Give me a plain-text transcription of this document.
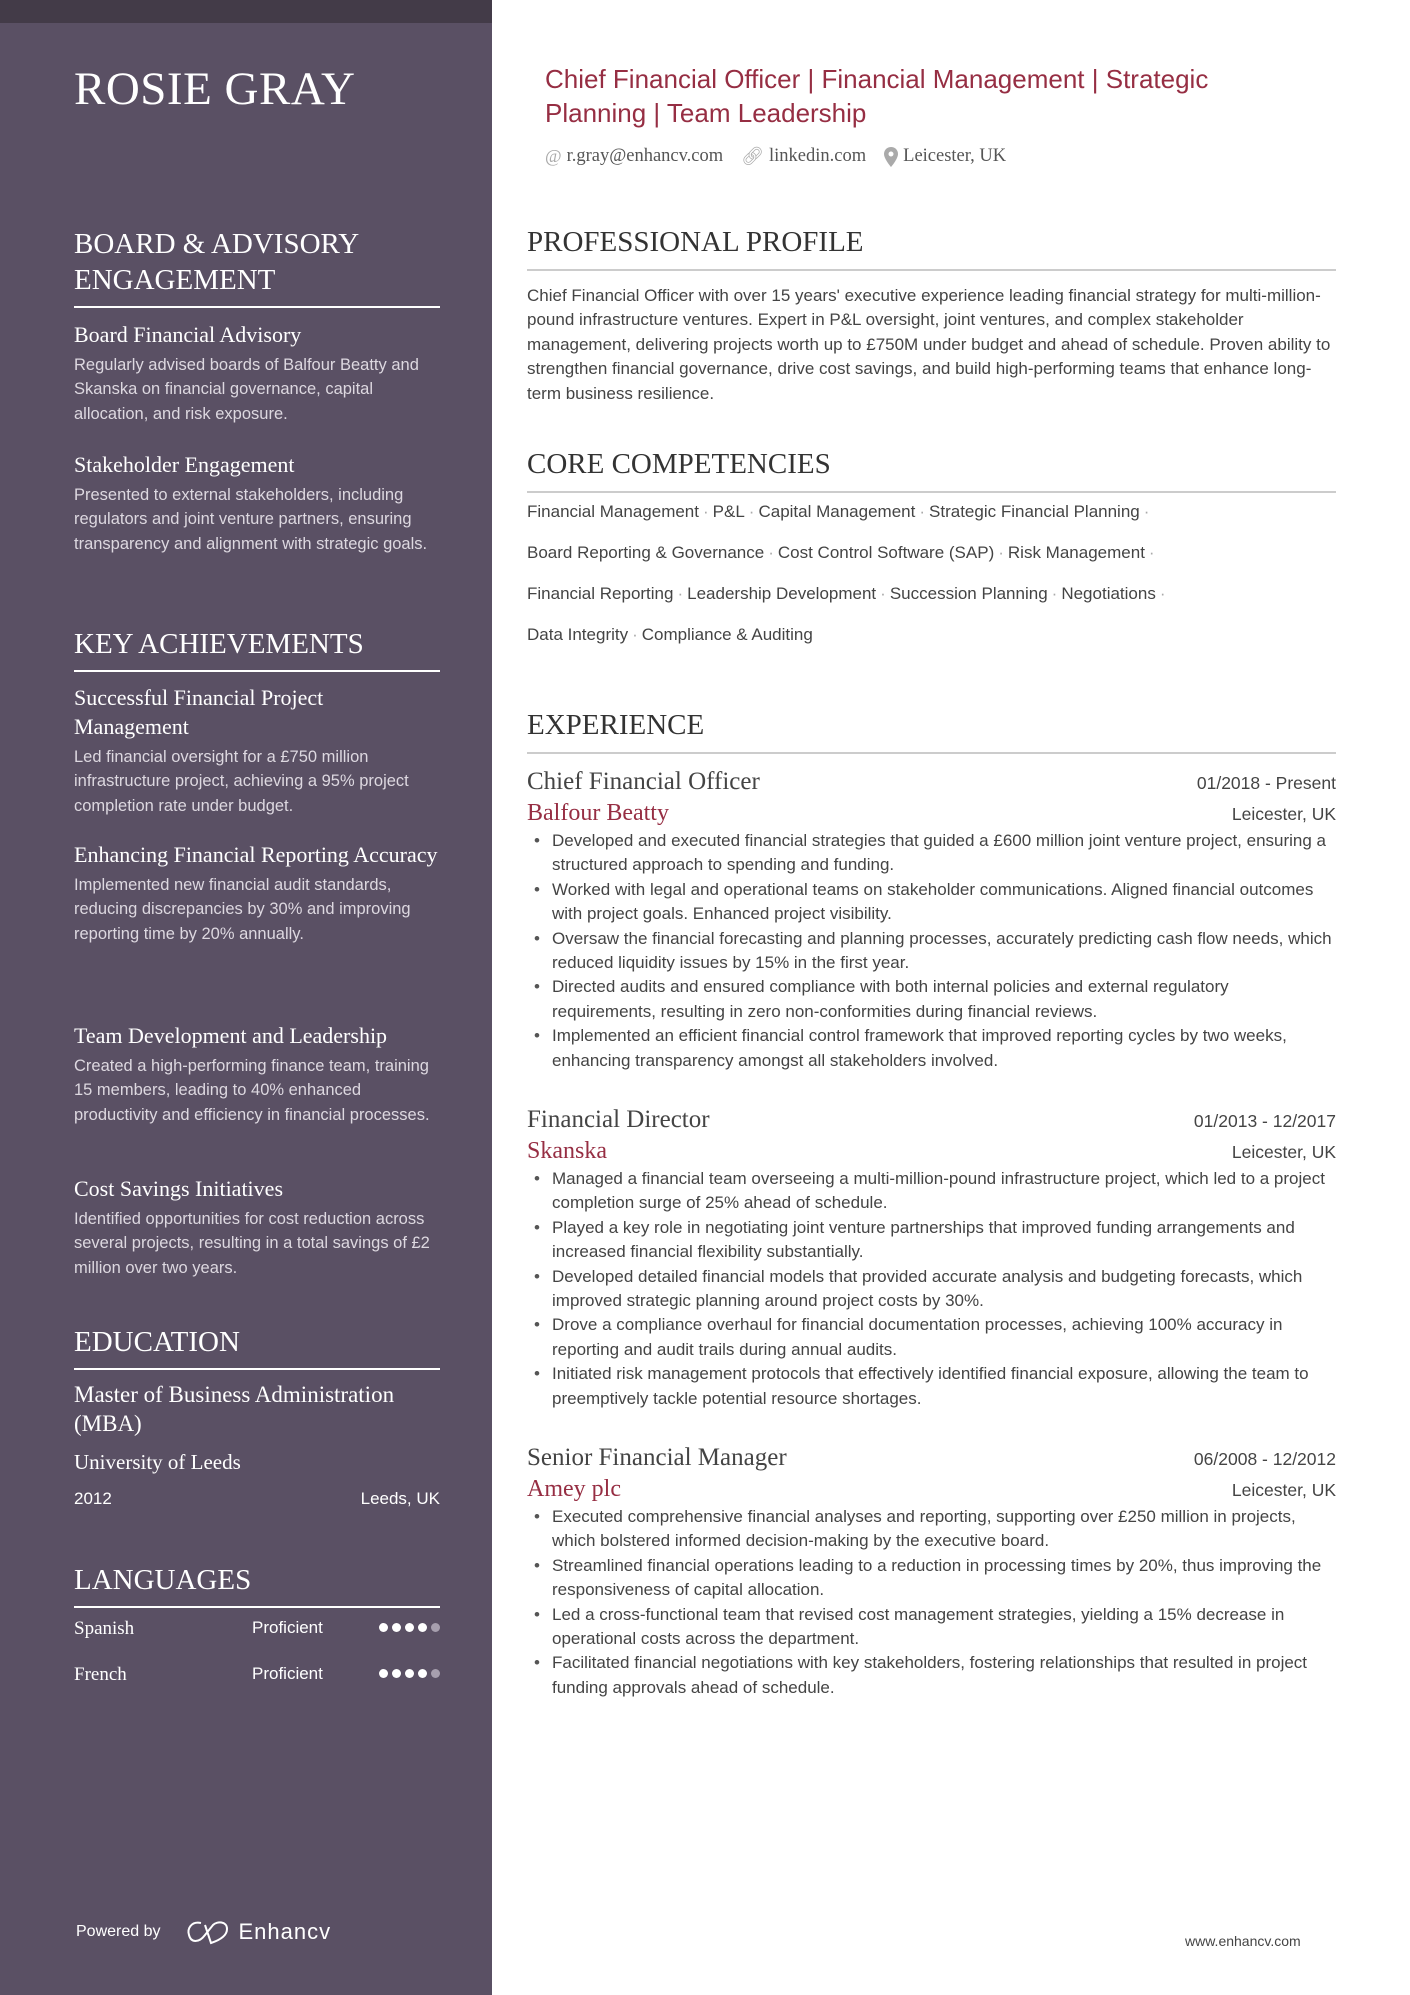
ROSIE GRAY
BOARD & ADVISORY ENGAGEMENT
Board Financial Advisory
Regularly advised boards of Balfour Beatty and Skanska on financial governance, capital allocation, and risk exposure.
Stakeholder Engagement
Presented to external stakeholders, including regulators and joint venture partners, ensuring transparency and alignment with strategic goals.
KEY ACHIEVEMENTS
Successful Financial Project Management
Led financial oversight for a £750 million infrastructure project, achieving a 95% project completion rate under budget.
Enhancing Financial Reporting Accuracy
Implemented new financial audit standards, reducing discrepancies by 30% and improving reporting time by 20% annually.
Team Development and Leadership
Created a high-performing finance team, training 15 members, leading to 40% enhanced productivity and efficiency in financial processes.
Cost Savings Initiatives
Identified opportunities for cost reduction across several projects, resulting in a total savings of £2 million over two years.
EDUCATION
Master of Business Administration (MBA)
University of Leeds
2012	Leeds, UK
LANGUAGES
Spanish	Proficient
French	Proficient
Powered by	Enhancv
Chief Financial Officer | Financial Management | Strategic Planning | Team Leadership
@ r.gray@enhancv.com 🔗︎ linkedin.com Leicester, UK
PROFESSIONAL PROFILE
Chief Financial Officer with over 15 years' executive experience leading financial strategy for multi-million-pound infrastructure ventures. Expert in P&L oversight, joint ventures, and complex stakeholder management, delivering projects worth up to £750M under budget and ahead of schedule. Proven ability to strengthen financial governance, drive cost savings, and build high-performing teams that enhance long-term business resilience.
CORE COMPETENCIES
Financial Management · P&L · Capital Management · Strategic Financial Planning ·
Board Reporting & Governance · Cost Control Software (SAP) · Risk Management ·
Financial Reporting · Leadership Development · Succession Planning · Negotiations ·
Data Integrity · Compliance & Auditing
EXPERIENCE
Chief Financial Officer	01/2018 - Present
Balfour Beatty	Leicester, UK
• Developed and executed financial strategies that guided a £600 million joint venture project, ensuring a structured approach to spending and funding.
• Worked with legal and operational teams on stakeholder communications. Aligned financial outcomes with project goals. Enhanced project visibility.
• Oversaw the financial forecasting and planning processes, accurately predicting cash flow needs, which reduced liquidity issues by 15% in the first year.
• Directed audits and ensured compliance with both internal policies and external regulatory requirements, resulting in zero non-conformities during financial reviews.
• Implemented an efficient financial control framework that improved reporting cycles by two weeks, enhancing transparency amongst all stakeholders involved.
Financial Director	01/2013 - 12/2017
Skanska	Leicester, UK
• Managed a financial team overseeing a multi-million-pound infrastructure project, which led to a project completion surge of 25% ahead of schedule.
• Played a key role in negotiating joint venture partnerships that improved funding arrangements and increased financial flexibility substantially.
• Developed detailed financial models that provided accurate analysis and budgeting forecasts, which improved strategic planning around project costs by 30%.
• Drove a compliance overhaul for financial documentation processes, achieving 100% accuracy in reporting and audit trails during annual audits.
• Initiated risk management protocols that effectively identified financial exposure, allowing the team to preemptively tackle potential resource shortages.
Senior Financial Manager	06/2008 - 12/2012
Amey plc	Leicester, UK
• Executed comprehensive financial analyses and reporting, supporting over £250 million in projects, which bolstered informed decision-making by the executive board.
• Streamlined financial operations leading to a reduction in processing times by 20%, thus improving the responsiveness of capital allocation.
• Led a cross-functional team that revised cost management strategies, yielding a 15% decrease in operational costs across the department.
• Facilitated financial negotiations with key stakeholders, fostering relationships that resulted in project funding approvals ahead of schedule.
www.enhancv.com
